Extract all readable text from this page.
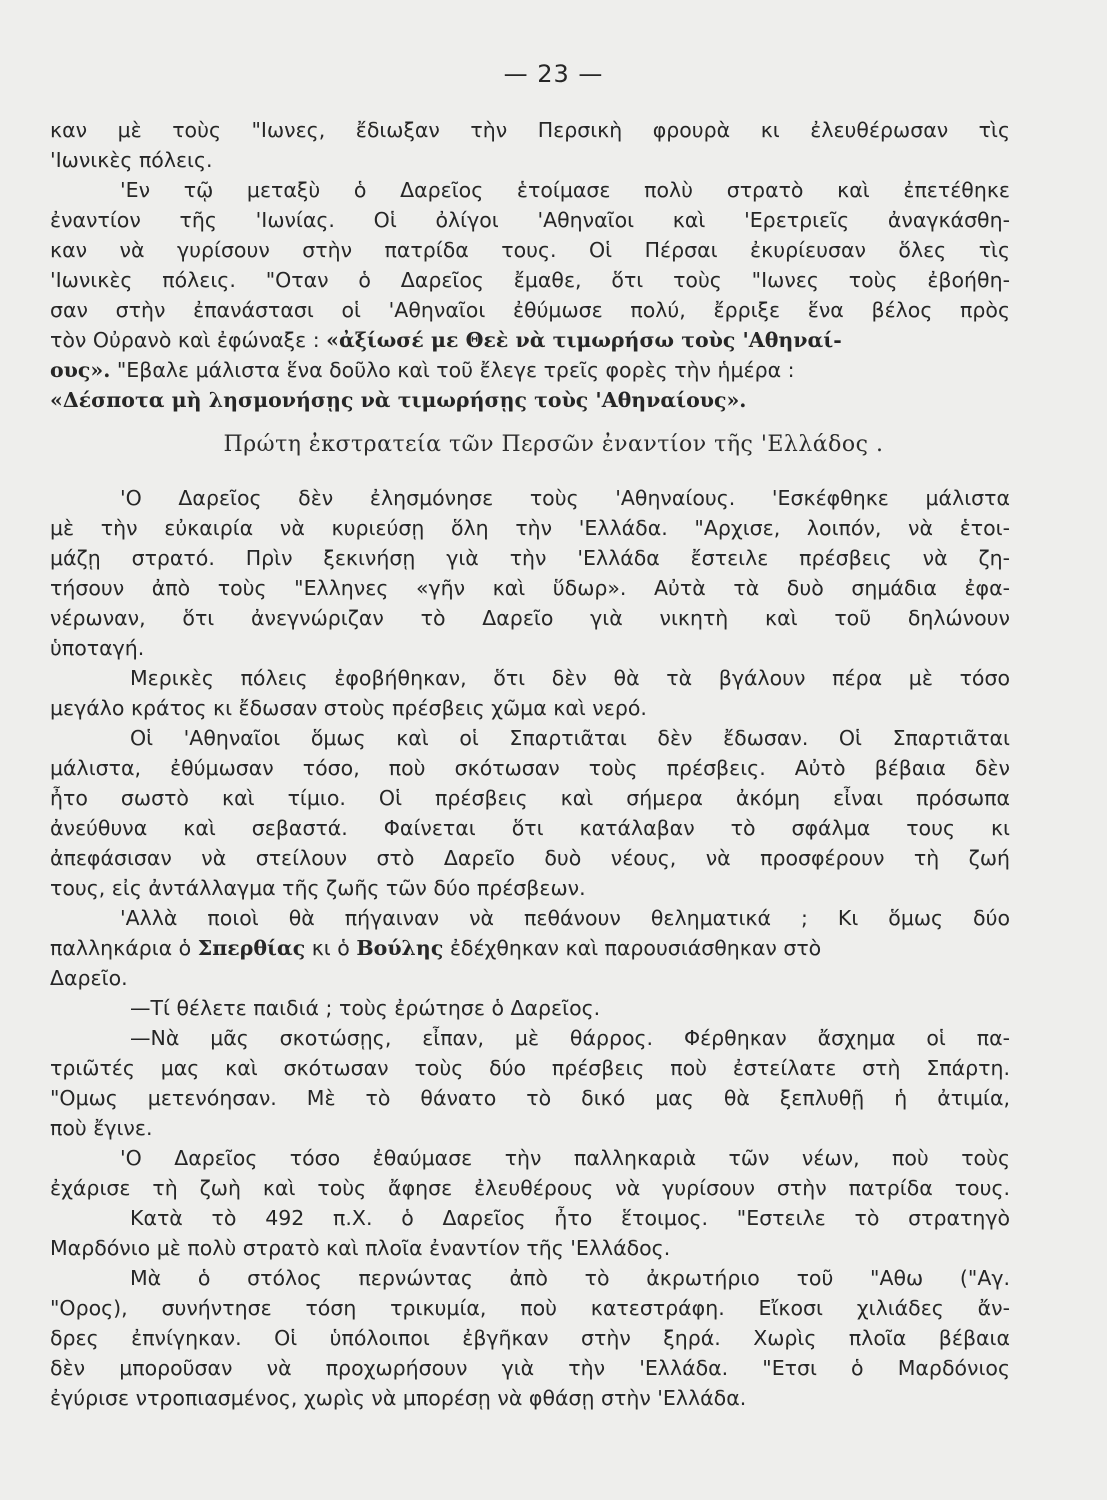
— 23 —
καν μὲ τοὺς "Ιωνες, ἔδιωξαν τὴν Περσικὴ φρουρὰ κι ἐλευθέρωσαν τὶς
'Ιωνικὲς πόλεις.
'Εν τῷ μεταξὺ ὁ Δαρεῖος ἑτοίμασε πολὺ στρατὸ καὶ ἐπετέθηκε
ἐναντίον τῆς 'Ιωνίας. Οἱ ὀλίγοι 'Αθηναῖοι καὶ 'Ερετριεῖς ἀναγκάσθη-
καν νὰ γυρίσουν στὴν πατρίδα τους. Οἱ Πέρσαι ἐκυρίευσαν ὅλες τὶς
'Ιωνικὲς πόλεις. "Οταν ὁ Δαρεῖος ἔμαθε, ὅτι τοὺς "Ιωνες τοὺς ἐβοήθη-
σαν στὴν ἐπανάστασι οἱ 'Αθηναῖοι ἐθύμωσε πολύ, ἔρριξε ἕνα βέλος πρὸς
τὸν Οὐρανὸ καὶ ἐφώναξε : «ἀξίωσέ με Θεὲ νὰ τιμωρήσω τοὺς 'Αθηναί-
ους». "Εβαλε μάλιστα ἕνα δοῦλο καὶ τοῦ ἔλεγε τρεῖς φορὲς τὴν ἡμέρα :
«Δέσποτα μὴ λησμονήσῃς νὰ τιμωρήσῃς τοὺς 'Αθηναίους».
Πρώτη ἐκστρατεία τῶν Περσῶν ἐναντίον τῆς 'Ελλάδος .
'Ο Δαρεῖος δὲν ἐλησμόνησε τοὺς 'Αθηναίους. 'Εσκέφθηκε μάλιστα
μὲ τὴν εὐκαιρία νὰ κυριεύσῃ ὅλη τὴν 'Ελλάδα. "Αρχισε, λοιπόν, νὰ ἑτοι-
μάζῃ στρατό. Πρὶν ξεκινήσῃ γιὰ τὴν 'Ελλάδα ἔστειλε πρέσβεις νὰ ζη-
τήσουν ἀπὸ τοὺς "Ελληνες «γῆν καὶ ὕδωρ». Αὐτὰ τὰ δυὸ σημάδια ἐφα-
νέρωναν, ὅτι ἀνεγνώριζαν τὸ Δαρεῖο γιὰ νικητὴ καὶ τοῦ δηλώνουν
ὑποταγή.
Μερικὲς πόλεις ἐφοβήθηκαν, ὅτι δὲν θὰ τὰ βγάλουν πέρα μὲ τόσο
μεγάλο κράτος κι ἔδωσαν στοὺς πρέσβεις χῶμα καὶ νερό.
Οἱ 'Αθηναῖοι ὅμως καὶ οἱ Σπαρτιᾶται δὲν ἔδωσαν. Οἱ Σπαρτιᾶται
μάλιστα, ἐθύμωσαν τόσο, ποὺ σκότωσαν τοὺς πρέσβεις. Αὐτὸ βέβαια δὲν
ἦτο σωστὸ καὶ τίμιο. Οἱ πρέσβεις καὶ σήμερα ἀκόμη εἶναι πρόσωπα
ἀνεύθυνα καὶ σεβαστά. Φαίνεται ὅτι κατάλαβαν τὸ σφάλμα τους κι
ἀπεφάσισαν νὰ στείλουν στὸ Δαρεῖο δυὸ νέους, νὰ προσφέρουν τὴ ζωή
τους, εἰς ἀντάλλαγμα τῆς ζωῆς τῶν δύο πρέσβεων.
'Αλλὰ ποιοὶ θὰ πήγαιναν νὰ πεθάνουν θεληματικά ; Κι ὅμως δύο
παλληκάρια ὁ Σπερθίας κι ὁ Βούλης ἐδέχθηκαν καὶ παρουσιάσθηκαν στὸ
Δαρεῖο.
—Τί θέλετε παιδιά ; τοὺς ἐρώτησε ὁ Δαρεῖος.
—Νὰ μᾶς σκοτώσῃς, εἶπαν, μὲ θάρρος. Φέρθηκαν ἄσχημα οἱ πα-
τριῶτές μας καὶ σκότωσαν τοὺς δύο πρέσβεις ποὺ ἐστείλατε στὴ Σπάρτη.
"Ομως μετενόησαν. Μὲ τὸ θάνατο τὸ δικό μας θὰ ξεπλυθῇ ἡ ἀτιμία,
ποὺ ἔγινε.
'Ο Δαρεῖος τόσο ἐθαύμασε τὴν παλληκαριὰ τῶν νέων, ποὺ τοὺς
ἐχάρισε τὴ ζωὴ καὶ τοὺς ἄφησε ἐλευθέρους νὰ γυρίσουν στὴν πατρίδα τους.
Κατὰ τὸ 492 π.Χ. ὁ Δαρεῖος ἦτο ἕτοιμος. "Εστειλε τὸ στρατηγὸ
Μαρδόνιο μὲ πολὺ στρατὸ καὶ πλοῖα ἐναντίον τῆς 'Ελλάδος.
Μὰ ὁ στόλος περνώντας ἀπὸ τὸ ἀκρωτήριο τοῦ "Αθω ("Αγ.
"Ορος), συνήντησε τόση τρικυμία, ποὺ κατεστράφη. Εἴκοσι χιλιάδες ἄν-
δρες ἐπνίγηκαν. Οἱ ὑπόλοιποι ἐβγῆκαν στὴν ξηρά. Χωρὶς πλοῖα βέβαια
δὲν μποροῦσαν νὰ προχωρήσουν γιὰ τὴν 'Ελλάδα. "Ετσι ὁ Μαρδόνιος
ἐγύρισε ντροπιασμένος, χωρὶς νὰ μπορέσῃ νὰ φθάσῃ στὴν 'Ελλάδα.
